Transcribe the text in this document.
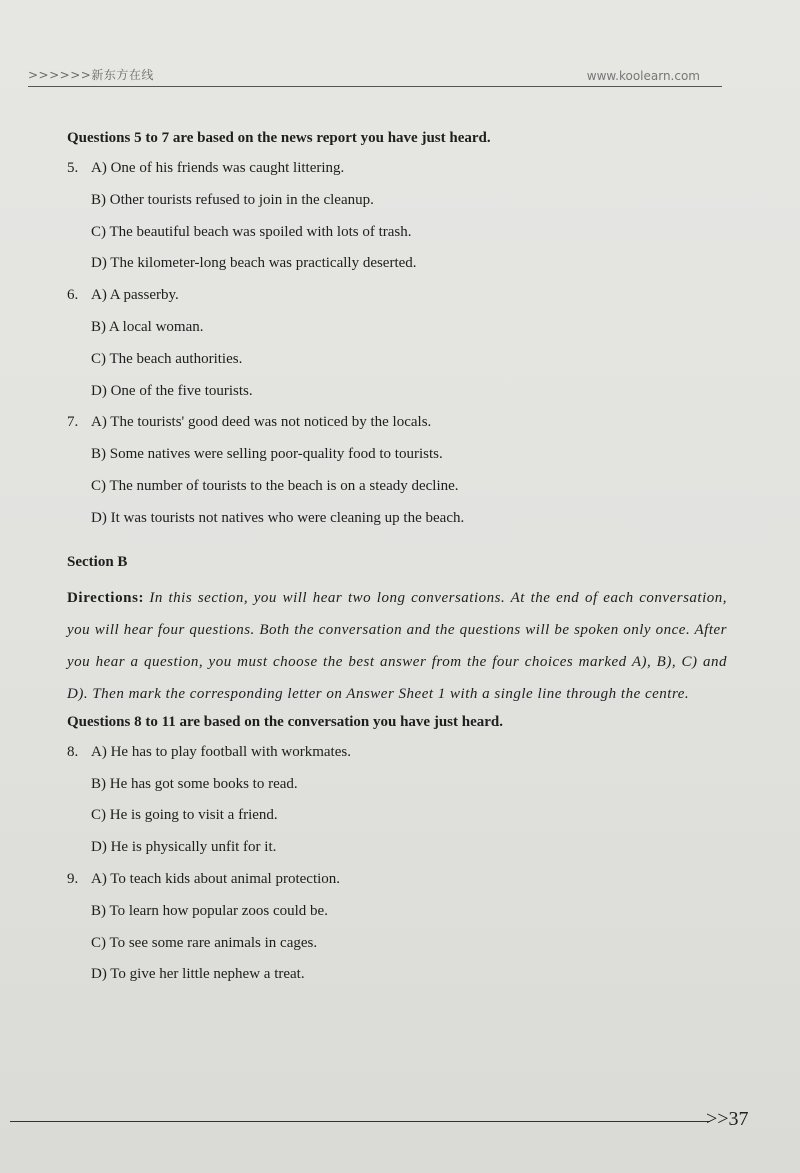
>>>>>>新东方在线	www.koolearn.com
Questions 5 to 7 are based on the news report you have just heard.
5. A) One of his friends was caught littering.
B) Other tourists refused to join in the cleanup.
C) The beautiful beach was spoiled with lots of trash.
D) The kilometer-long beach was practically deserted.
6. A) A passerby.
B) A local woman.
C) The beach authorities.
D) One of the five tourists.
7. A) The tourists' good deed was not noticed by the locals.
B) Some natives were selling poor-quality food to tourists.
C) The number of tourists to the beach is on a steady decline.
D) It was tourists not natives who were cleaning up the beach.
Section B

Directions: In this section, you will hear two long conversations. At the end of each conversation, you will hear four questions. Both the conversation and the questions will be spoken only once. After you hear a question, you must choose the best answer from the four choices marked A), B), C) and D). Then mark the corresponding letter on Answer Sheet 1 with a single line through the centre.

Questions 8 to 11 are based on the conversation you have just heard.
8. A) He has to play football with workmates.
B) He has got some books to read.
C) He is going to visit a friend.
D) He is physically unfit for it.
9. A) To teach kids about animal protection.
B) To learn how popular zoos could be.
C) To see some rare animals in cages.
D) To give her little nephew a treat.
>>37
